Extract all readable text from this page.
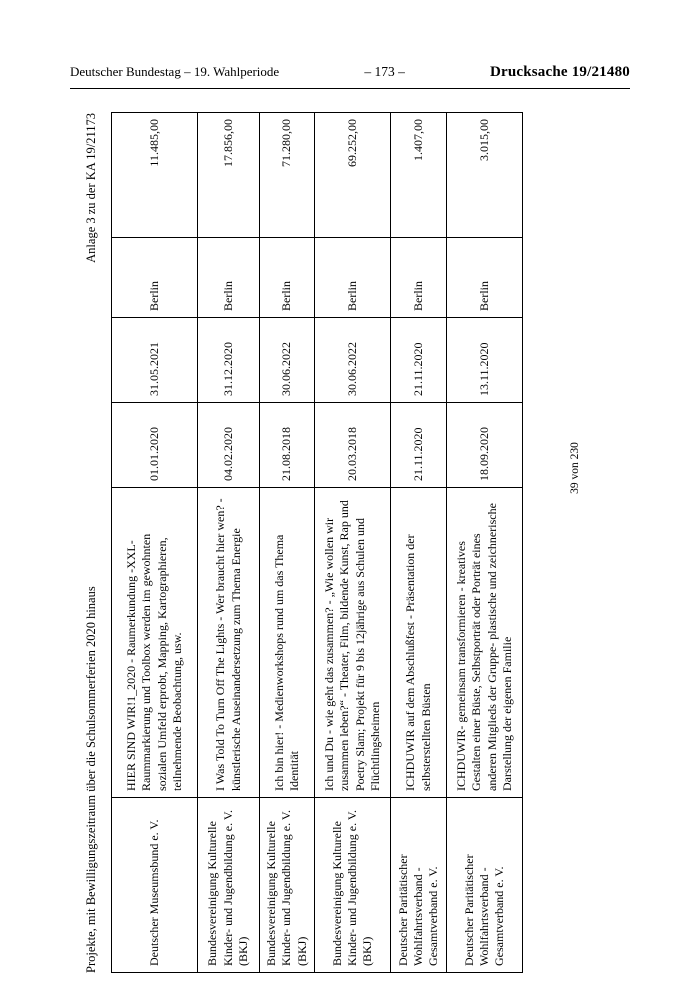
Deutscher Bundestag – 19. Wahlperiode	– 173 –	Drucksache 19/21480
Projekte, mit Bewilligungszeitraum über die Schulsommerferien 2020 hinaus
Anlage 3 zu der KA 19/21173
Deutscher Museumsbund e. V.	HIER SIND WIR!1_2020 - Raumerkundung -XXL- Raummarkierung und Toolbox werden im gewohnten sozialen Umfeld erprobt, Mapping, Kartographieren, teilnehmende Beobachtung, usw.	01.01.2020	31.05.2021	Berlin	11.485,00
Bundesvereinigung Kulturelle Kinder- und Jugendbildung e. V. (BKJ)	I Was Told To Turn Off The Lights - Wer braucht hier wen? - künstlerische Auseinandersetzung zum Thema Energie	04.02.2020	31.12.2020	Berlin	17.856,00
Bundesvereinigung Kulturelle Kinder- und Jugendbildung e. V. (BKJ)	Ich bin hier! - Medienworkshops rund um das Thema Identität	21.08.2018	30.06.2022	Berlin	71.280,00
Bundesvereinigung Kulturelle Kinder- und Jugendbildung e. V. (BKJ)	Ich und Du - wie geht das zusammen? - „Wie wollen wir zusammen leben?“ - Theater, Film, bildende Kunst, Rap und Poetry Slam; Projekt für 9 bis 12jährige aus Schulen und Flüchtlingsheimen	20.03.2018	30.06.2022	Berlin	69.252,00
Deutscher Paritätischer Wohlfahrtsverband - Gesamtverband e. V.	ICHDUWIR auf dem Abschlußfest - Präsentation der selbsterstellten Büsten	21.11.2020	21.11.2020	Berlin	1.407,00
Deutscher Paritätischer Wohlfahrtsverband - Gesamtverband e. V.	ICHDUWIR- gemeinsam transformieren - kreatives Gestalten einer Büste, Selbstporträt oder Porträt eines anderen Mitglieds der Gruppe- plastische und zeichnerische Darstellung der eigenen Familie	18.09.2020	13.11.2020	Berlin	3.015,00
39 von 230
